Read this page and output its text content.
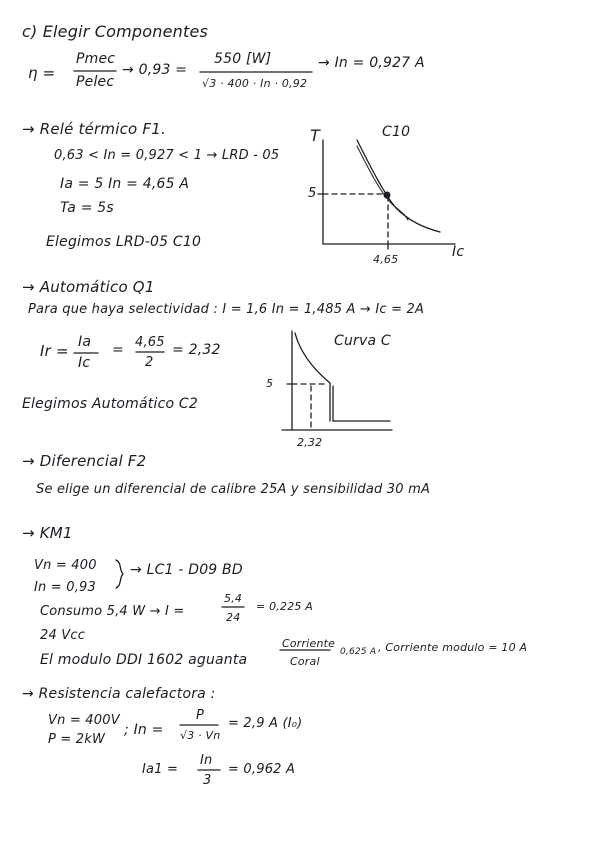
c) Elegir Componentes
η =
Pmec
Pelec
→ 0,93 =
550 [W]
√3 · 400 · In · 0,92
→ In = 0,927 A
→ Relé térmico F1.
0,63 < In = 0,927 < 1 → LRD - 05
Ia = 5 In = 4,65 A
Ta = 5s
Elegimos LRD-05 C10
T	C10
5
4,65	Ic
→ Automático Q1
Para que haya selectividad : I = 1,6 In = 1,485 A → Ic = 2A
Ir = Ia
Ic
= 4,65
2
= 2,32
Elegimos Automático C2
Curva C
5
2,32
→ Diferencial F2
Se elige un diferencial de calibre 25A y sensibilidad 30 mA
→ KM1
Vn = 400
In = 0,93
→ LC1 - D09 BD
Consumo 5,4 W → I =
5,4
24
= 0,225 A
24 Vcc
El modulo DDI 1602 aguanta
Corriente
Coral
0,625 A , Corriente modulo = 10 A
→ Resistencia calefactora :
Vn = 400V
P = 2kW
; In =
P
√3 · Vn
= 2,9 A (I₀)
Ia1 =
In
3
= 0,962 A
